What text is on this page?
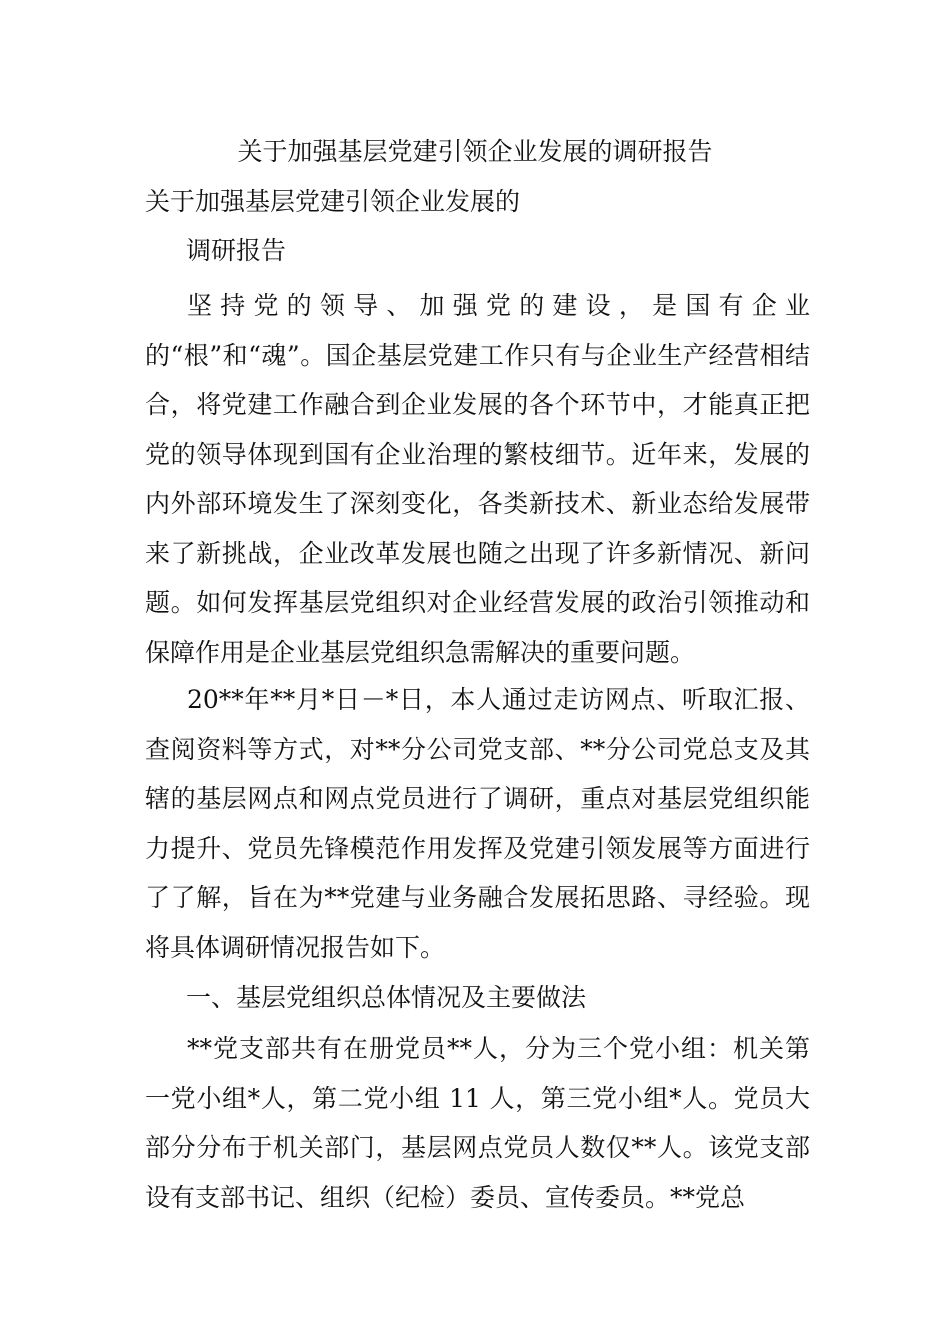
关于加强基层党建引领企业发展的调研报告
关于加强基层党建引领企业发展的
调研报告

坚持党的领导、加强党的建设，是国有企业的“根”和“魂”。国企基层党建工作只有与企业生产经营相结合，将党建工作融合到企业发展的各个环节中，才能真正把党的领导体现到国有企业治理的繁枝细节。近年来，发展的内外部环境发生了深刻变化，各类新技术、新业态给发展带来了新挑战，企业改革发展也随之出现了许多新情况、新问题。如何发挥基层党组织对企业经营发展的政治引领推动和保障作用是企业基层党组织急需解决的重要问题。

20**年**月*日－*日，本人通过走访网点、听取汇报、查阅资料等方式，对**分公司党支部、**分公司党总支及其辖的基层网点和网点党员进行了调研，重点对基层党组织能力提升、党员先锋模范作用发挥及党建引领发展等方面进行了了解，旨在为**党建与业务融合发展拓思路、寻经验。现将具体调研情况报告如下。

一、基层党组织总体情况及主要做法

**党支部共有在册党员**人，分为三个党小组：机关第一党小组*人，第二党小组 11 人，第三党小组*人。党员大部分分布于机关部门，基层网点党员人数仅**人。该党支部设有支部书记、组织（纪检）委员、宣传委员。**党总
